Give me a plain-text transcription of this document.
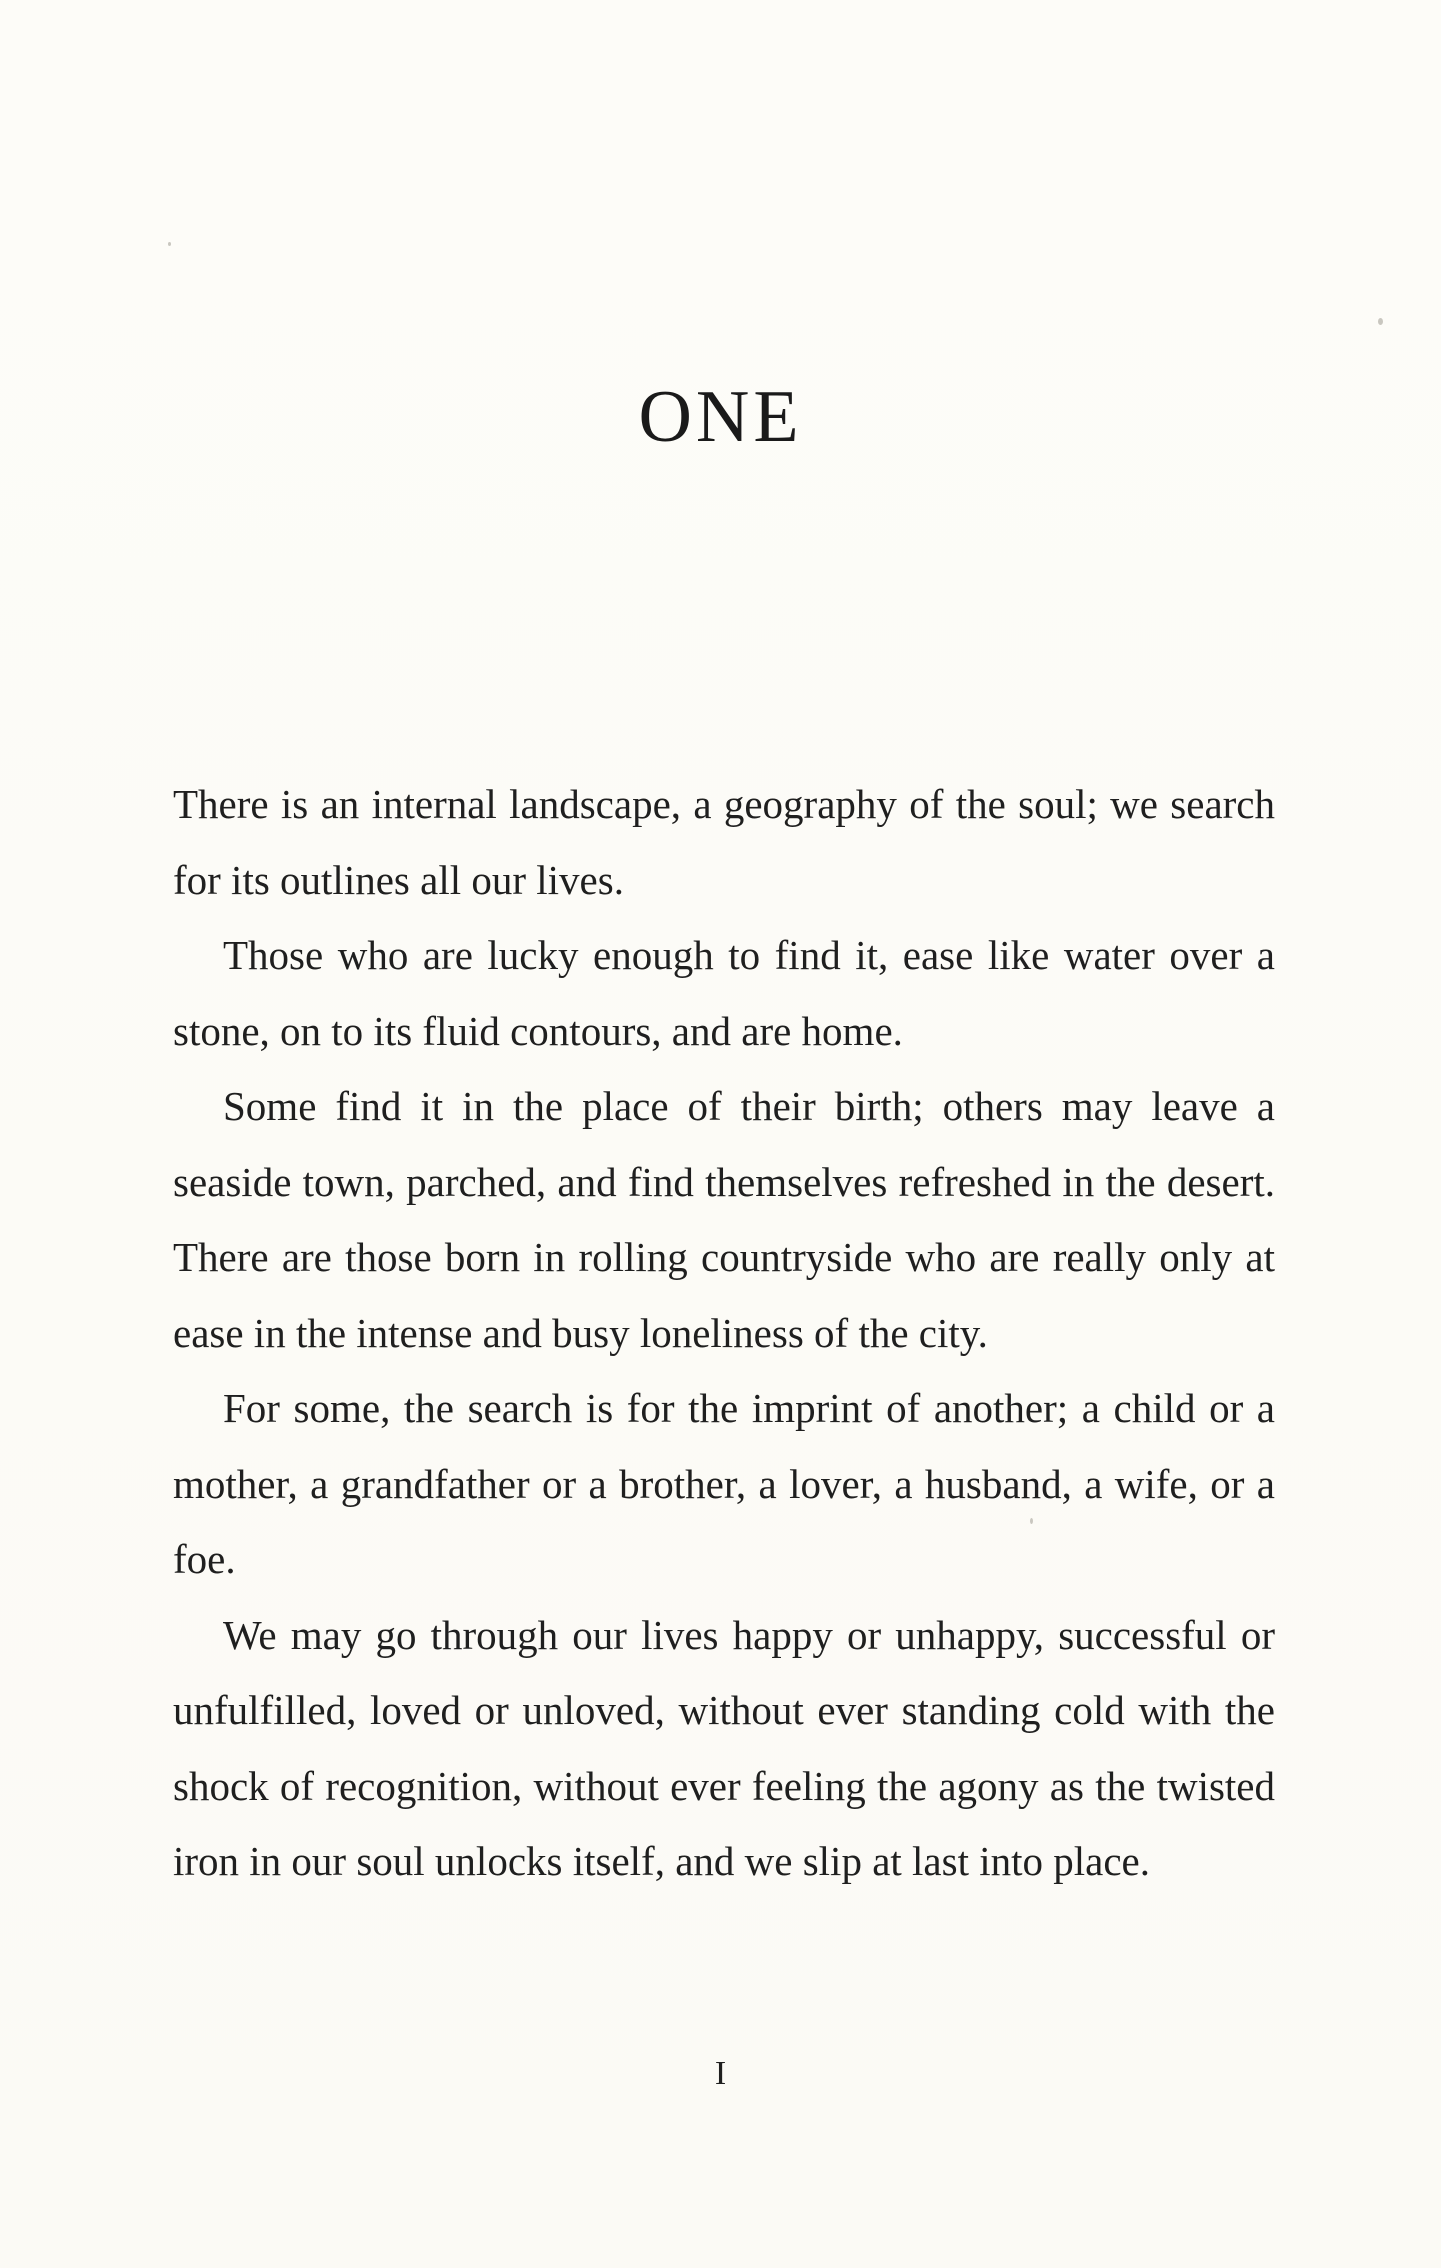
ONE

There is an internal landscape, a geography of the soul; we search for its outlines all our lives.

Those who are lucky enough to find it, ease like water over a stone, on to its fluid contours, and are home.

Some find it in the place of their birth; others may leave a seaside town, parched, and find themselves refreshed in the desert. There are those born in rolling countryside who are really only at ease in the intense and busy loneliness of the city.

For some, the search is for the imprint of another; a child or a mother, a grandfather or a brother, a lover, a husband, a wife, or a foe.

We may go through our lives happy or unhappy, successful or unfulfilled, loved or unloved, without ever standing cold with the shock of recognition, without ever feeling the agony as the twisted iron in our soul unlocks itself, and we slip at last into place.

I
